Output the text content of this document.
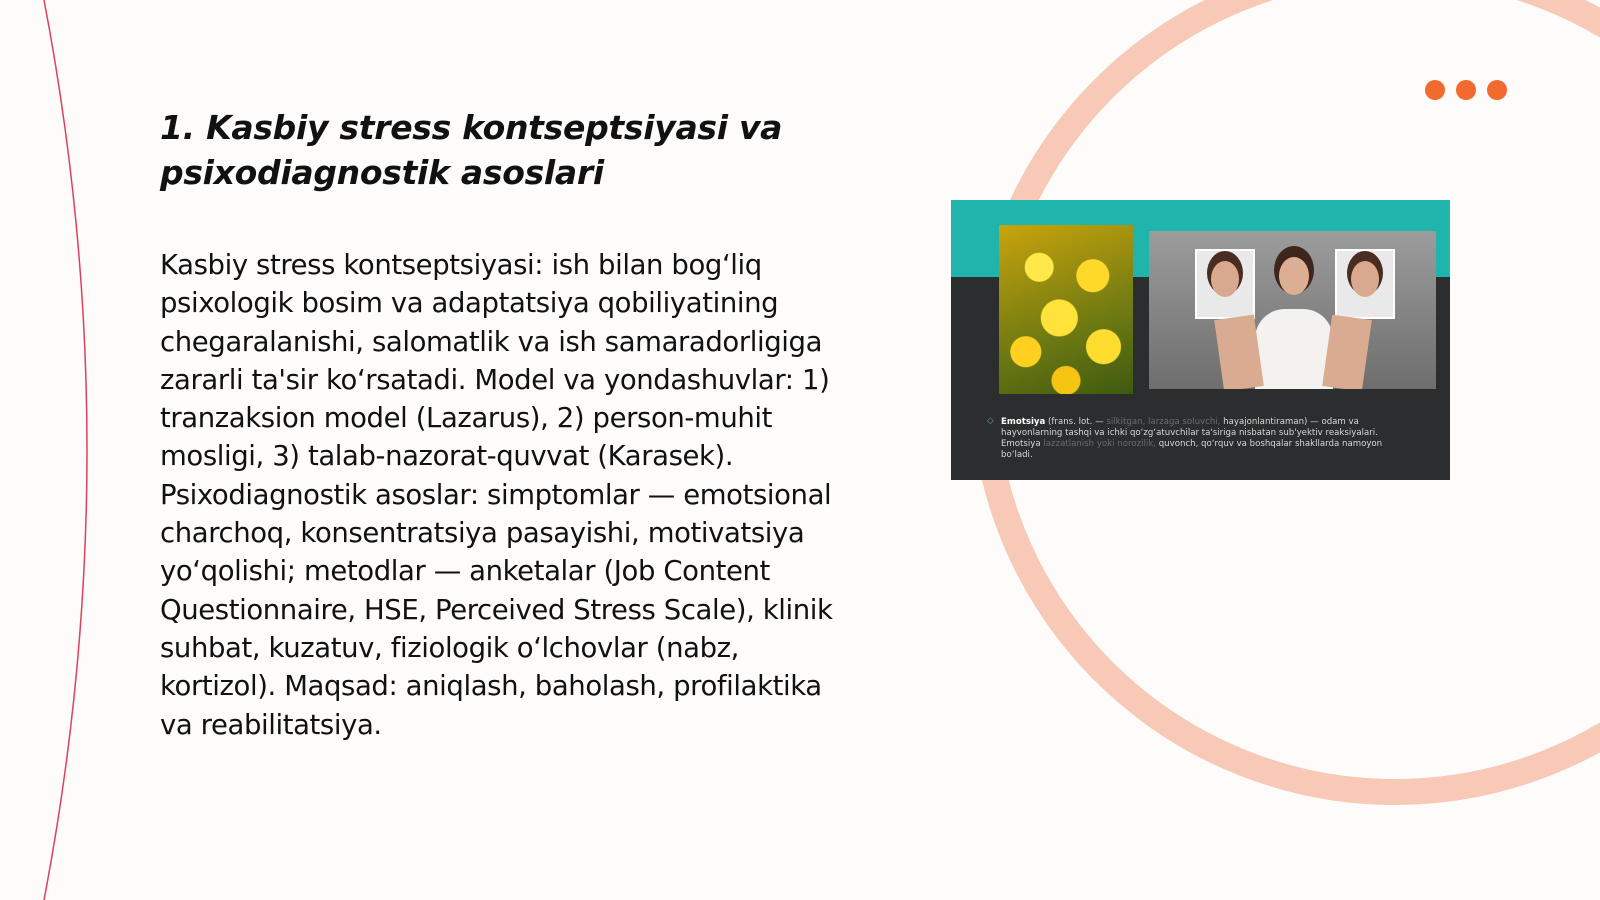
1. Kasbiy stress kontseptsiyasi va psixodiagnostik asoslari

Kasbiy stress kontseptsiyasi: ish bilan bog‘liq psixologik bosim va adaptatsiya qobiliyatining chegaralanishi, salomatlik va ish samaradorligiga zararli ta'sir ko‘rsatadi. Model va yondashuvlar: 1) tranzaksion model (Lazarus), 2) person-muhit mosligi, 3) talab-nazorat-quvvat (Karasek). Psixodiagnostik asoslar: simptomlar — emotsional charchoq, konsentratsiya pasayishi, motivatsiya yo‘qolishi; metodlar — anketalar (Job Content Questionnaire, HSE, Perceived Stress Scale), klinik suhbat, kuzatuv, fiziologik o‘lchovlar (nabz, kortizol). Maqsad: aniqlash, baholash, profilaktika va reabilitatsiya.

◇ Emotsiya (frans. lot. — silkitgan, larzaga soluvchi, hayajonlantiraman) — odam va hayvonlarning tashqi va ichki qo‘zg‘atuvchilar ta'siriga nisbatan sub'yektiv reaksiyalari. Emotsiya lazzatlanish yoki norozilik, quvonch, qo‘rquv va boshqalar shakllarda namoyon bo‘ladi.
